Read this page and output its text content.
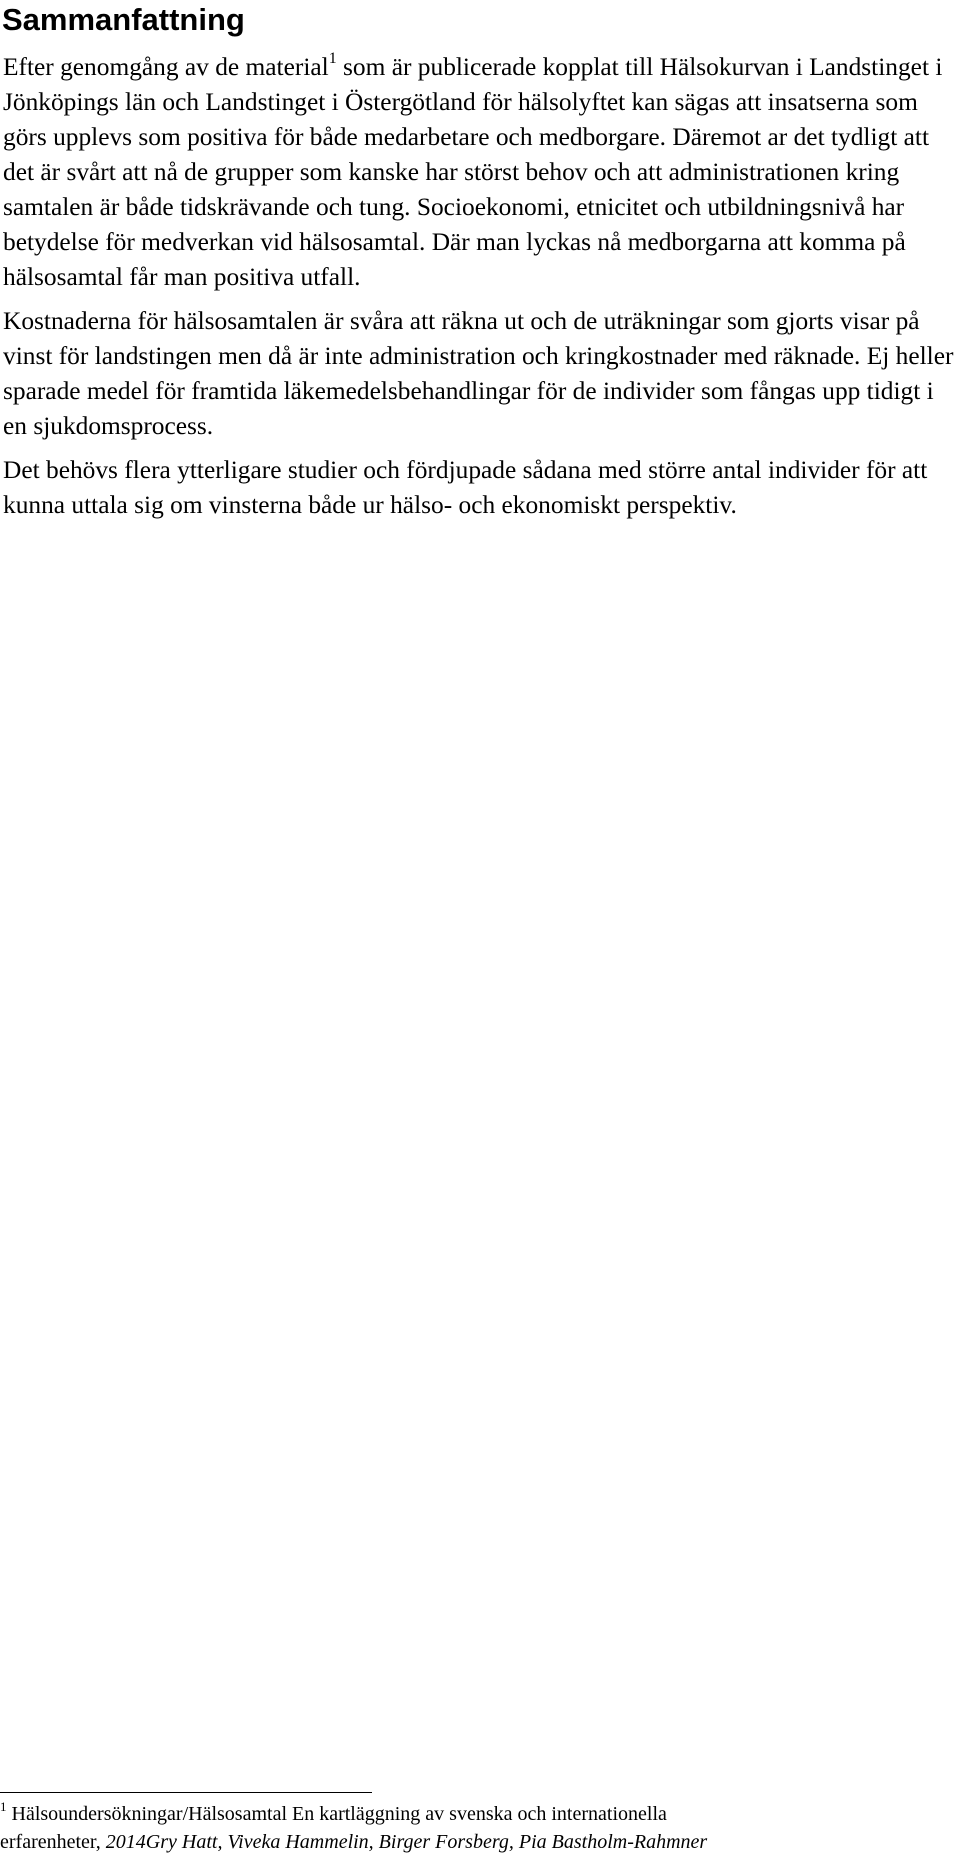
Sammanfattning

Efter genomgång av de material$^1$ som är publicerade kopplat till Hälsokurvan i Landstinget i Jönköpings län och Landstinget i Östergötland för hälsolyftet kan sägas att insatserna som görs upplevs som positiva för både medarbetare och medborgare. Däremot ar det tydligt att det är svårt att nå de grupper som kanske har störst behov och att administrationen kring samtalen är både tidskrävande och tung. Socioekonomi, etnicitet och utbildningsnivå har betydelse för medverkan vid hälsosamtal. Där man lyckas nå medborgarna att komma på hälsosamtal får man positiva utfall.

Kostnaderna för hälsosamtalen är svåra att räkna ut och de uträkningar som gjorts visar på vinst för landstingen men då är inte administration och kringkostnader med räknade. Ej heller sparade medel för framtida läkemedelsbehandlingar för de individer som fångas upp tidigt i en sjukdomsprocess.

Det behövs flera ytterligare studier och fördjupade sådana med större antal individer för att kunna uttala sig om vinsterna både ur hälso- och ekonomiskt perspektiv.

$^1$ Hälsoundersökningar/Hälsosamtal En kartläggning av svenska och internationella
erfarenheter, 2014Gry Hatt, Viveka Hammelin, Birger Forsberg, Pia Bastholm-Rahmner
